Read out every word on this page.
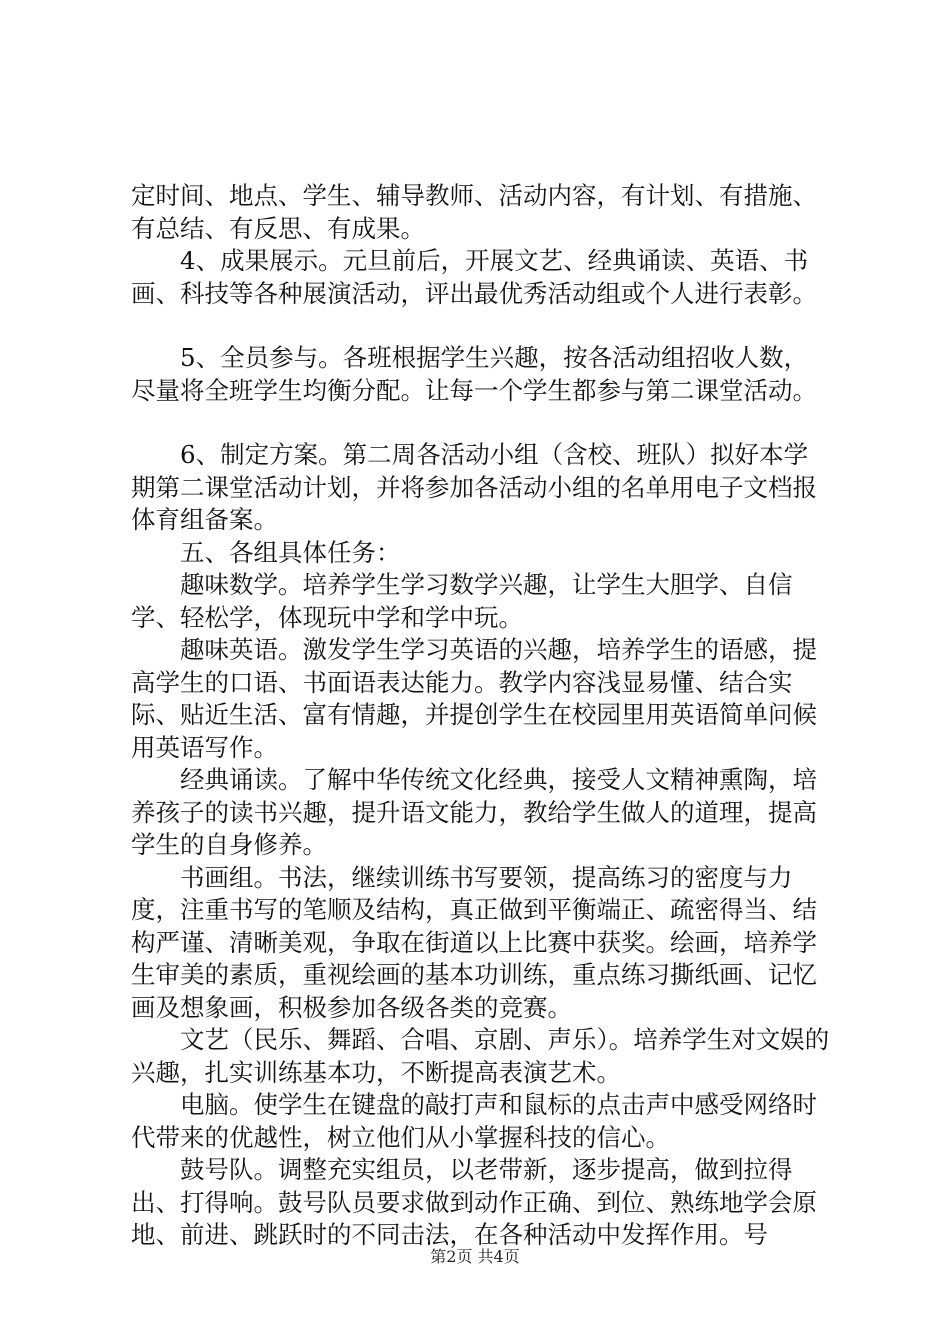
定时间、地点、学生、辅导教师、活动内容，有计划、有措施、有总结、有反思、有成果。

4、成果展示。元旦前后，开展文艺、经典诵读、英语、书画、科技等各种展演活动，评出最优秀活动组或个人进行表彰。

5、全员参与。各班根据学生兴趣，按各活动组招收人数，尽量将全班学生均衡分配。让每一个学生都参与第二课堂活动。

6、制定方案。第二周各活动小组（含校、班队）拟好本学期第二课堂活动计划，并将参加各活动小组的名单用电子文档报体育组备案。

五、各组具体任务：

趣味数学。培养学生学习数学兴趣，让学生大胆学、自信学、轻松学，体现玩中学和学中玩。

趣味英语。激发学生学习英语的兴趣，培养学生的语感，提高学生的口语、书面语表达能力。教学内容浅显易懂、结合实际、贴近生活、富有情趣，并提创学生在校园里用英语简单问候用英语写作。

经典诵读。了解中华传统文化经典，接受人文精神熏陶，培养孩子的读书兴趣，提升语文能力，教给学生做人的道理，提高学生的自身修养。

书画组。书法，继续训练书写要领，提高练习的密度与力度，注重书写的笔顺及结构，真正做到平衡端正、疏密得当、结构严谨、清晰美观，争取在街道以上比赛中获奖。绘画，培养学生审美的素质，重视绘画的基本功训练，重点练习撕纸画、记忆画及想象画，积极参加各级各类的竞赛。

文艺（民乐、舞蹈、合唱、京剧、声乐）。培养学生对文娱的兴趣，扎实训练基本功，不断提高表演艺术。

电脑。使学生在键盘的敲打声和鼠标的点击声中感受网络时代带来的优越性，树立他们从小掌握科技的信心。

鼓号队。调整充实组员，以老带新，逐步提高，做到拉得出、打得响。鼓号队员要求做到动作正确、到位、熟练地学会原地、前进、跳跃时的不同击法，在各种活动中发挥作用。号

第2页 共4页
